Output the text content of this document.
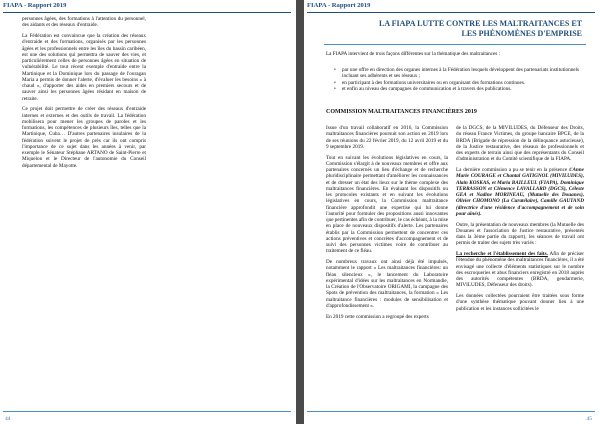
FIAPA - Rapport 2019

personnes âgées, des formations à l'attention du personnel, des aidants et des réseaux d'entraide.

La Fédération est convaincue que la création des réseaux d'entraide et des formations, organisés par les personnes âgées et les professionnels entre les îles du bassin caribéen, est une des solutions qui permettra de sauver des vies, et particulièrement celles de personnes âgées en situation de vulnérabilité. Le tout récent exemple d'entraide entre la Martinique et la Dominique lors du passage de l'ouragan Maria a permis de donner l'alerte, d'évaluer les besoins « à chaud », d'apporter des aides en premiers secours et de sauver ainsi les personnes âgées résidant en maison de retraite.

Ce projet doit permettre de créer des réseaux d'entraide internes et externes et des outils de travail. La fédération mobilisera pour mener les groupes de paroles et les formations, les compétences de plusieurs îles, telles que la Martinique, Cuba… D'autres partenaires insulaires de la fédération suivent le projet de près car ils ont compris l'importance de ce sujet dans les années à venir, par exemple le Sénateur Stéphane ARTANO de Saint-Pierre et Miquelon et le Directeur de l'autonomie du Conseil départemental de Mayotte.

44
FIAPA - Rapport 2019
LA FIAPA LUTTE CONTRE LES MALTRAITANCES ET
LES PHÉNOMÈNES D'EMPRISE
La FIAPA intervient de trois façons différentes sur la thématique des maltraitances :
• par une offre en direction des organes internes à la Fédération lesquels développent des partenariats institutionnels incluant ses adhérents et ses réseaux ;
• en participant à des formations universitaires ou en organisant des formations continues.
• et enfin au niveau des campagnes de communication et à travers des publications.
COMMISSION MALTRAITANCES FINANCIÈRES 2019

Issue d'un travail collaboratif en 2016, la Commission maltraitances financières poursuit son action en 2019 lors de ses réunions du 22 février 2019, du 12 avril 2019 et du 9 septembre 2019.

Tout en suivant les évolutions législatives en cours, la Commission s'élargit à de nouveaux membres et offre aux partenaires concernés un lieu d'échange et de recherche pluridisciplinaire permettant d'améliorer les connaissances et de dresser un état des lieux sur le thème complexe des maltraitances financières. En évaluant les dispositifs ou les protocoles existants et en suivant les évolutions législatives en cours, la Commission maltraitance financière approfondit une expertise qui lui donne l'autorité pour formuler des propositions aussi innovantes que pertinentes afin de contribuer, le cas échéant, à la mise en place de nouveaux dispositifs d'alerte. Les partenaires établis par la Commission permettent de concentrer ces actions préventives et concrètes d'accompagnement et de suivi des personnes victimes voire de contribuer au traitement de ce fléau.

De nombreux travaux ont ainsi déjà été impulsés, notamment le rapport « Les maltraitances financières: un fléau silencieux », le lancement du Laboratoire expérimental d'idées sur les maltraitances en Normandie, la Création de l'Observatoire ORIGAMI, la campagne des Spots de prévention des maltraitances, la formation « Les maltraitance financières : modules de sensibilisation et d'approfondissement ».

En 2019 cette commission a regroupé des experts

de la DGCS, de la MIVILUDES, du Défenseur des Droits, du réseau France Victimes, du groupe bancaire BPCE, de la BRDA (Brigade de répression de la délinquance astucieuse), de la Justice restaurative, des réseaux de professionnels et des experts de terrain ainsi que des représentants du Conseil d'administration et du Comité scientifique de la FIAPA.

La dernière commission a pu se tenir en la présence d'Anne Marie COURAGE et Chantal GATIGNOL (MIVILUDES), Alain KOSKAS, et Maria BAILLEUL (FIAPA), Dominique TERRASSON et Clémence LAVALLARD (DGCS), Céleste GEA et Nadine MORINEAU, (Mutuelle des Douanes), Olivier CHOMONO (La Curatélaire), Camille GAUTAND (directrice d'une résidence d'accompagnement et de soin pour aînés).

Outre, la présentation de nouveaux membres (la Mutuelle des Douanes et l'association de Justice restaurative, présentés dans la 3ème partie du rapport), les séances de travail ont permis de traiter des sujets très variés :

La recherche et l'établissement des faits. Afin de préciser l'étendue du phénomène des maltraitances financières, il a été envisagé une collecte d'éléments statistiques sur le nombre des escroqueries et abus financiers enregistré en 2018 auprès des autorités compétentes (BRDA, gendarmerie, MIVILUDES, Défenseur des droits).

Les données collectées pourraient être traitées sous forme d'une synthèse thématique pouvant donner lieu à une publication et les instances sollicitées le

45
